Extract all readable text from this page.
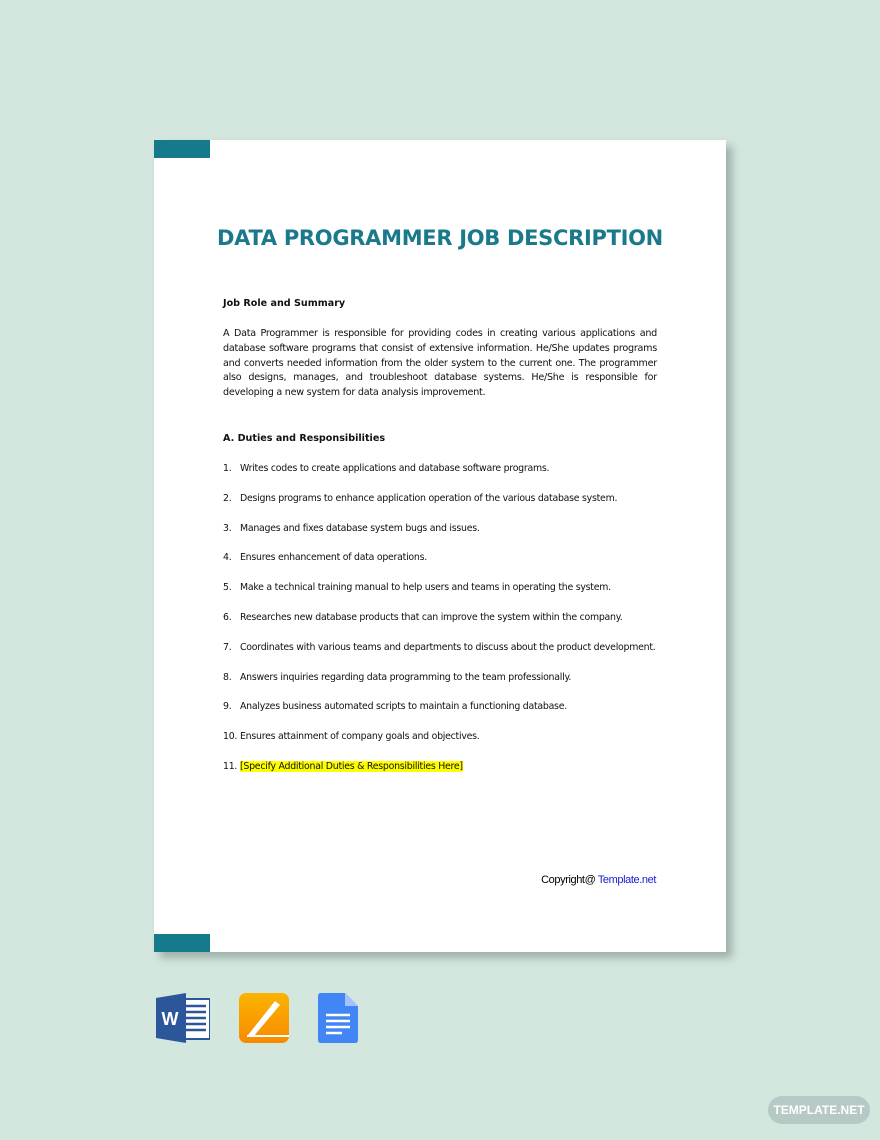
DATA PROGRAMMER JOB DESCRIPTION
Job Role and Summary
A Data Programmer is responsible for providing codes in creating various applications and database software programs that consist of extensive information. He/She updates programs and converts needed information from the older system to the current one. The programmer also designs, manages, and troubleshoot database systems. He/She is responsible for developing a new system for data analysis improvement.
A. Duties and Responsibilities
1. Writes codes to create applications and database software programs.
2. Designs programs to enhance application operation of the various database system.
3. Manages and fixes database system bugs and issues.
4. Ensures enhancement of data operations.
5. Make a technical training manual to help users and teams in operating the system.
6. Researches new database products that can improve the system within the company.
7. Coordinates with various teams and departments to discuss about the product development.
8. Answers inquiries regarding data programming to the team professionally.
9. Analyzes business automated scripts to maintain a functioning database.
10. Ensures attainment of company goals and objectives.
11. [Specify Additional Duties & Responsibilities Here]
Copyright@ Template.net
W
TEMPLATE.NET
